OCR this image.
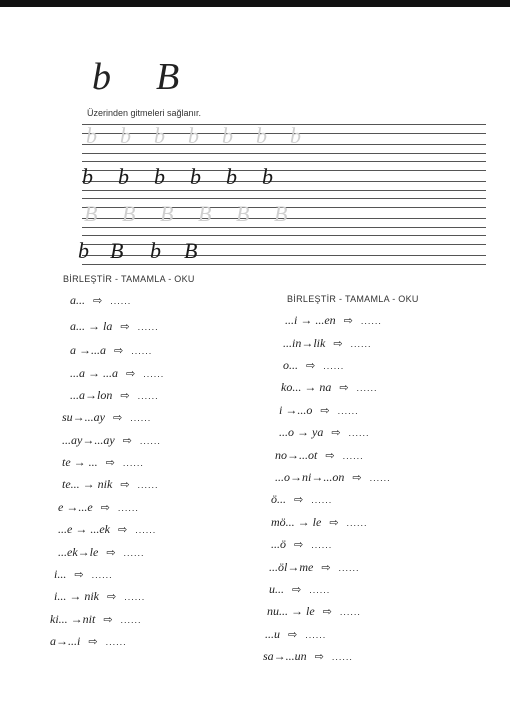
b B
Üzerinden gitmeleri sağlanır.
b b b b b b b
b b b b b b
B B B B B B
b B b B
BİRLEŞTİR - TAMAMLA - OKU
a... ⇨ ......
a... → la ⇨ ......
a →...a ⇨ ......
...a → ...a ⇨ ......
...a→lon ⇨ ......
su→...ay ⇨ ......
...ay→...ay ⇨ ......
te → ... ⇨ ......
te... → nik ⇨ ......
e →...e ⇨ ......
...e → ...ek ⇨ ......
...ek→le ⇨ ......
i... ⇨ ......
i... → nik ⇨ ......
ki... →nit ⇨ ......
a→...i ⇨ ......
BİRLEŞTİR - TAMAMLA - OKU
...i → ...en ⇨ ......
...in→lik ⇨ ......
o... ⇨ ......
ko... → na ⇨ ......
i →...o ⇨ ......
...o → ya ⇨ ......
no→...ot ⇨ ......
...o→ni→...on ⇨ ......
ö... ⇨ ......
mö... → le ⇨ ......
...ö ⇨ ......
...öl→me ⇨ ......
u... ⇨ ......
nu... → le ⇨ ......
...u ⇨ ......
sa→...un ⇨ ......
